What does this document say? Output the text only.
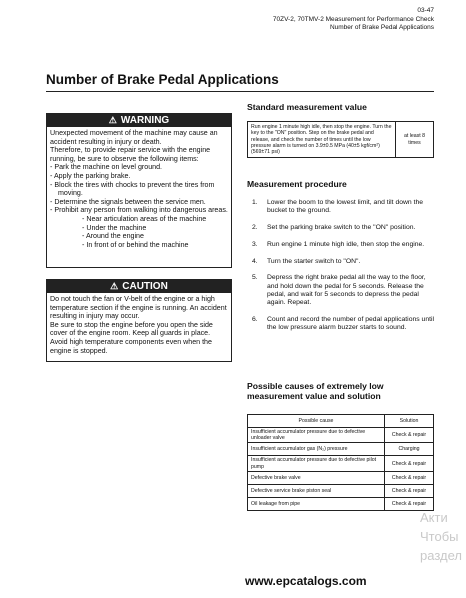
03-47
70ZV-2, 70TMV-2 Measurement for Performance Check
Number of Brake Pedal Applications
Number of Brake Pedal Applications
⚠ WARNING

Unexpected movement of the machine may cause an accident resulting in injury or death.

Therefore, to provide repair service with the engine running, be sure to observe the following items:

- Park the machine on level ground.
- Apply the parking brake.
- Block the tires with chocks to prevent the tires from moving.
- Determine the signals between the service men.
- Prohibit any person from walking into dangerous areas.
- Near articulation areas of the machine
- Under the machine
- Around the engine
- In front of or behind the machine
⚠ CAUTION

Do not touch the fan or V-belt of the engine or a high temperature section if the engine is running. An accident resulting in injury may occur.

Be sure to stop the engine before you open the side cover of the engine room. Keep all guards in place.

Avoid high temperature components even when the engine is stopped.

Standard measurement value
Run engine 1 minute high idle, then stop the engine. Turn the key to the "ON" position. Step on the brake pedal and release, and check the number of times until the low pressure alarm is turned on 3.9±0.5 MPa (40±5 kgf/cm²) (569±71 psi)	at least 8 times
Measurement procedure
1. Lower the boom to the lowest limit, and tilt down the bucket to the ground.
2. Set the parking brake switch to the "ON" position.
3. Run engine 1 minute high idle, then stop the engine.
4. Turn the starter switch to "ON".
5. Depress the right brake pedal all the way to the floor, and hold down the pedal for 5 seconds. Release the pedal, and wait for 5 seconds to depress the pedal again. Repeat.
6. Count and record the number of pedal applications until the low pressure alarm buzzer starts to sound.
Possible causes of extremely low measurement value and solution
Possible cause	Solution
Insufficient accumulator pressure due to defective unloader valve	Check & repair
Insufficient accumulator gas (N₂) pressure	Charging
Insufficient accumulator pressure due to defective pilot pump	Check & repair
Defective brake valve	Check & repair
Defective service brake piston seal	Check & repair
Oil leakage from pipe	Check & repair
Акти
Чтобы
раздел
www.epcatalogs.com
